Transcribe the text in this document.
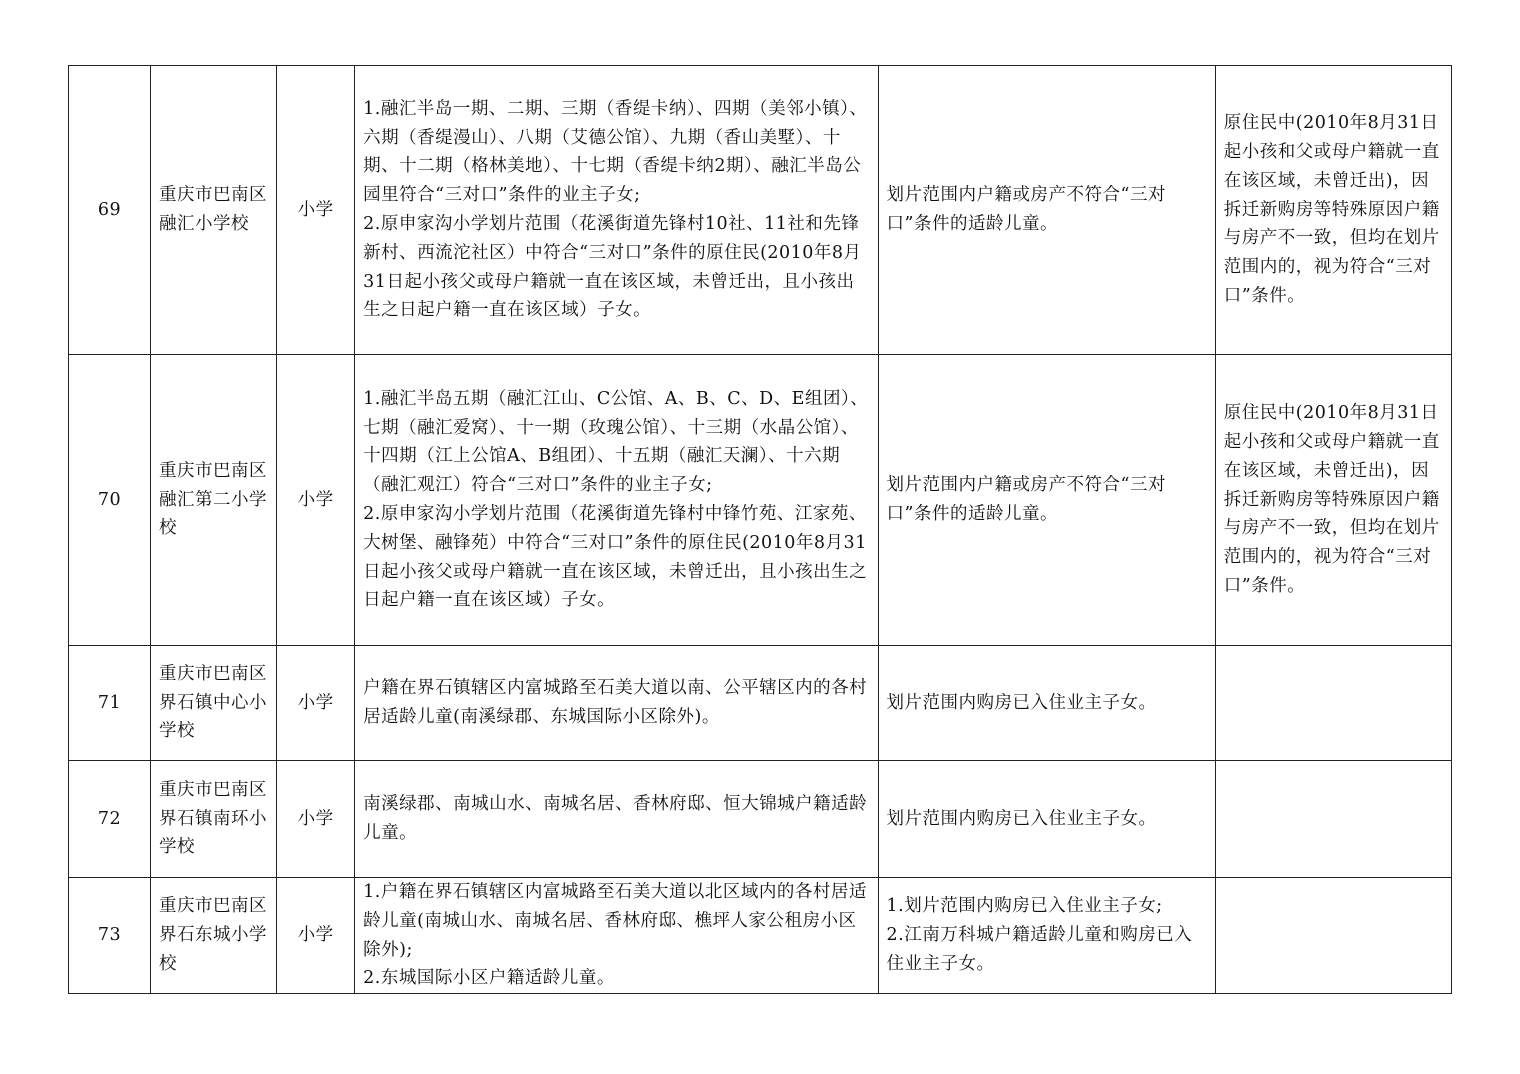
69	重庆市巴南区融汇小学校	小学	1.融汇半岛一期、二期、三期（香缇卡纳）、四期（美邻小镇）、六期（香缇漫山）、八期（艾德公馆）、九期（香山美墅）、十期、十二期（格林美地）、十七期（香缇卡纳2期）、融汇半岛公园里符合“三对口”条件的业主子女;
2.原申家沟小学划片范围（花溪街道先锋村10社、11社和先锋新村、西流沱社区）中符合“三对口”条件的原住民(2010年8月31日起小孩父或母户籍就一直在该区域，未曾迁出，且小孩出生之日起户籍一直在该区域）子女。	划片范围内户籍或房产不符合“三对口”条件的适龄儿童。	原住民中(2010年8月31日起小孩和父或母户籍就一直在该区域，未曾迁出)，因拆迁新购房等特殊原因户籍与房产不一致，但均在划片范围内的，视为符合“三对口”条件。
70	重庆市巴南区融汇第二小学校	小学	1.融汇半岛五期（融汇江山、C公馆、A、B、C、D、E组团）、七期（融汇爱窝）、十一期（玫瑰公馆）、十三期（水晶公馆）、十四期（江上公馆A、B组团）、十五期（融汇天澜）、十六期（融汇观江）符合“三对口”条件的业主子女;
2.原申家沟小学划片范围（花溪街道先锋村中锋竹苑、江家苑、大树堡、融锋苑）中符合“三对口”条件的原住民(2010年8月31日起小孩父或母户籍就一直在该区域，未曾迁出，且小孩出生之日起户籍一直在该区域）子女。	划片范围内户籍或房产不符合“三对口”条件的适龄儿童。	原住民中(2010年8月31日起小孩和父或母户籍就一直在该区域，未曾迁出)，因拆迁新购房等特殊原因户籍与房产不一致，但均在划片范围内的，视为符合“三对口”条件。
71	重庆市巴南区界石镇中心小学校	小学	户籍在界石镇辖区内富城路至石美大道以南、公平辖区内的各村居适龄儿童(南溪绿郡、东城国际小区除外)。	划片范围内购房已入住业主子女。	

72	重庆市巴南区界石镇南环小学校	小学	南溪绿郡、南城山水、南城名居、香林府邸、恒大锦城户籍适龄儿童。	划片范围内购房已入住业主子女。	

73	重庆市巴南区界石东城小学校	小学	1.户籍在界石镇辖区内富城路至石美大道以北区域内的各村居适龄儿童(南城山水、南城名居、香林府邸、樵坪人家公租房小区除外);
2.东城国际小区户籍适龄儿童。	1.划片范围内购房已入住业主子女;
2.江南万科城户籍适龄儿童和购房已入住业主子女。	
